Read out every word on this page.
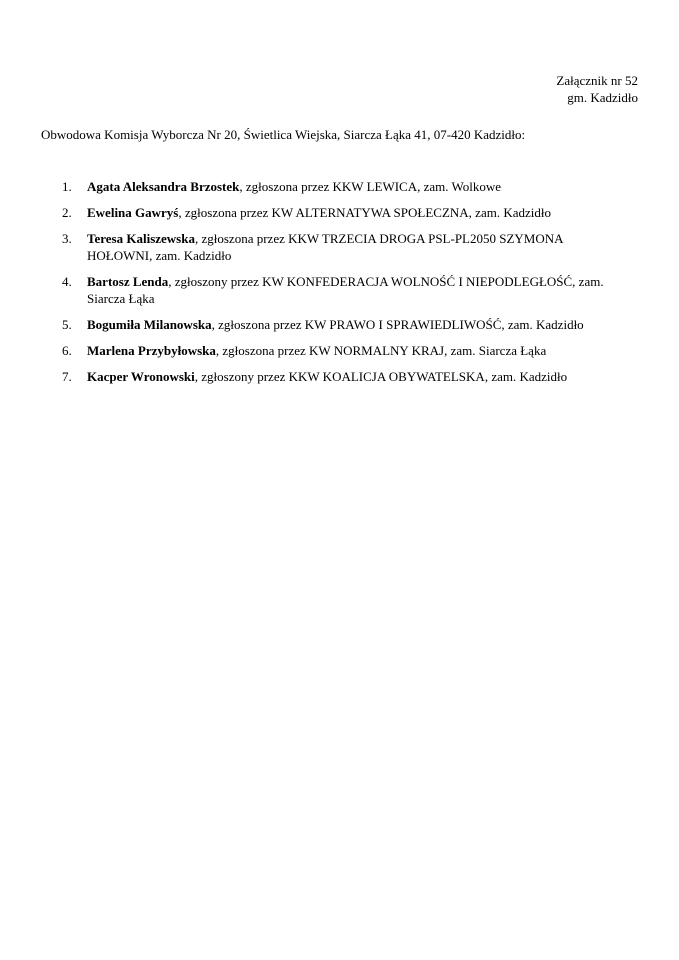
Załącznik nr 52
gm. Kadzidło
Obwodowa Komisja Wyborcza Nr 20, Świetlica Wiejska, Siarcza Łąka 41, 07-420 Kadzidło:
1.	Agata Aleksandra Brzostek, zgłoszona przez KKW LEWICA, zam. Wolkowe
2.	Ewelina Gawryś, zgłoszona przez KW ALTERNATYWA SPOŁECZNA, zam. Kadzidło
3.	Teresa Kaliszewska, zgłoszona przez KKW TRZECIA DROGA PSL-PL2050 SZYMONA HOŁOWNI, zam. Kadzidło
4.	Bartosz Lenda, zgłoszony przez KW KONFEDERACJA WOLNOŚĆ I NIEPODLEGŁOŚĆ, zam. Siarcza Łąka
5.	Bogumiła Milanowska, zgłoszona przez KW PRAWO I SPRAWIEDLIWOŚĆ, zam. Kadzidło
6.	Marlena Przybyłowska, zgłoszona przez KW NORMALNY KRAJ, zam. Siarcza Łąka
7.	Kacper Wronowski, zgłoszony przez KKW KOALICJA OBYWATELSKA, zam. Kadzidło
